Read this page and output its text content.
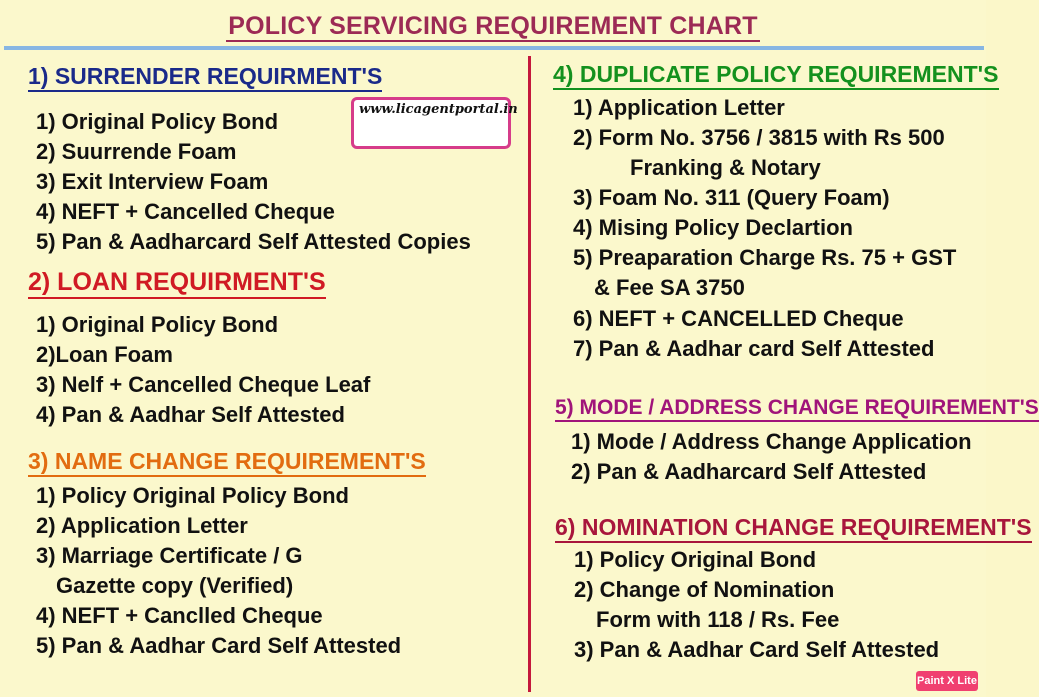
POLICY SERVICING REQUIREMENT CHART
1) SURRENDER REQUIRMENT'S
1) Original Policy Bond
2) Suurrende Foam
3) Exit Interview Foam
4) NEFT + Cancelled Cheque
5) Pan & Aadharcard Self Attested Copies
2) LOAN REQUIRMENT'S
1) Original Policy Bond
2)Loan Foam
3) Nelf + Cancelled Cheque Leaf
4) Pan & Aadhar Self Attested
3) NAME CHANGE REQUIREMENT'S
1) Policy Original Policy Bond
2) Application Letter
3) Marriage Certificate / G
Gazette copy (Verified)
4) NEFT + Canclled Cheque
5) Pan & Aadhar Card Self Attested
4) DUPLICATE POLICY REQUIREMENT'S
1) Application Letter
2) Form No. 3756 / 3815 with Rs 500
Franking & Notary
3) Foam No. 311 (Query Foam)
4) Mising Policy Declartion
5) Preaparation Charge Rs. 75 + GST
& Fee SA 3750
6) NEFT + CANCELLED Cheque
7) Pan & Aadhar card Self Attested
5) MODE / ADDRESS CHANGE REQUIREMENT'S
1) Mode / Address Change Application
2) Pan & Aadharcard Self Attested
6) NOMINATION CHANGE REQUIREMENT'S
1) Policy Original Bond
2) Change of Nomination
Form with 118 / Rs. Fee
3) Pan & Aadhar Card Self Attested
www.licagentportal.in
Paint X Lite
